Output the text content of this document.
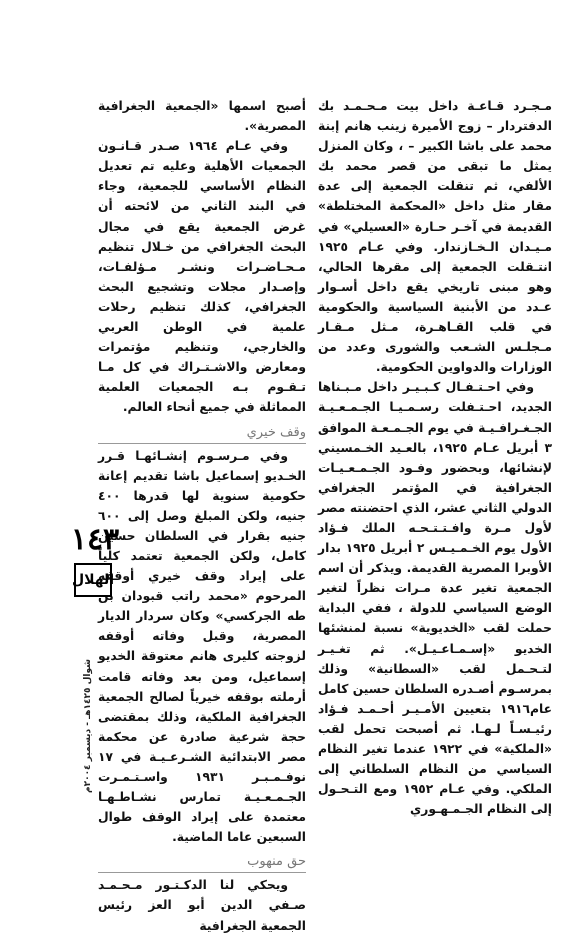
مـجـرد قـاعـة داخل بيت مـحـمـد بك الدفتردار – زوج الأميرة زينب هانم إبنة محمد على باشا الكبير – ، وكان المنزل يمثل ما تبقى من قصر محمد بك الألفي، ثم تنقلت الجمعية إلى عدة مقار مثل داخل «المحكمة المختلطة» القديمة في آخـر حـارة «العسيلي» في مـيـدان الـخـازندار. وفي عـام ١٩٢٥ انتـقلت الجمعية إلى مقرها الحالي، وهو مبنى تاريخي يقع داخل أسـوار عـدد من الأبنية السياسية والحكومية في قلب القـاهـرة، مـثل مـقـار مـجلـس الشـعب والشورى وعدد من الوزارات والدواوين الحكومية.

وفي احـتـفـال كـبـيـر داخل مـبـناها الجديد، احـتـفلت رسـمـيـا الجـمـعـيـة الجـغـرافـيـة في يوم الجـمـعـة الموافق ٣ أبريل عـام ١٩٢٥، بالعـيد الخـمسيني لإنشائها، وبحضور وفـود الجـمـعـيـات الجغرافية في المؤتمر الجغرافي الدولي الثاني عشر، الذي احتضنته مصر لأول مـرة وافـتـتـحـه الملك فـؤاد الأول يوم الخـمـيـس ٢ أبريل ١٩٢٥ بدار الأوبرا المصرية القديمة. ويذكر أن اسم الجمعية تغير عدة مـرات نظراً لتغير الوضع السياسي للدولة ، ففي البداية حملت لقب «الخديوية» نسبة لمنشئها الخديو «إسـمـاعـيـل». ثم تغـيـر لتـحـمل لقب «السطانية» وذلك بمرسـوم أصـدره السلطان حسين كامل عام١٩١٦ بتعيين الأمـيـر أحـمـد فـؤاد رئيـسـاً لـهـا. ثم أصبحت تحمل لقب «الملكية» في ١٩٢٢ عندما تغير النظام السياسي من النظام السلطاني إلى الملكي. وفي عـام ١٩٥٢ ومع التـحـول إلى النظام الجـمـهـوري

أصبح اسمها «الجمعية الجغرافية المصرية».

وفي عـام ١٩٦٤ صـدر قـانـون الجمعيات الأهلية وعليه تم تعديل النظام الأساسي للجمعية، وجاء في البند الثاني من لائحته أن غرض الجمعية يقع في مجال البحث الجغرافي من خـلال تنظيم مـحـاضـرات ونشـر مـؤلفـات، وإصـدار مجلات وتشجيع البحث الجغرافي، كذلك تنظيم رحلات علمية في الوطن العربي والخارجي، وتنظيم مؤتمرات ومعارض والاشـتـراك في كل مـا تـقـوم بـه الجمعيات العلمية المماثلة في جميع أنحاء العالم.

وقف خيري

وفي مـرسـوم إنشـائهـا قـرر الخـديو إسماعيل باشا تقديم إعانة حكومية سنوية لها قدرها ٤٠٠ جنيه، ولكن المبلغ وصل إلى ٦٠٠ جنيه بقرار في السلطان حسين كامل، ولكن الجمعية تعتمد كلياً على إيراد وقف خيري أوقفه المرحوم «محمد راتب قبودان بن طه الجركسي» وكان سردار الديار المصرية، وقبل وفاته أوقفه لزوجته كليرى هانم معتوقة الخديو إسماعيل، ومن بعد وفاته قامت أرملته بوقفه خيرياً لصالح الجمعية الجغرافية الملكية، وذلك بمقتضى حجة شرعية صادرة عن محكمة مصر الابتدائية الشـرعـيـة في ١٧ نوفـمـبـر ١٩٣١ واسـتـمـرت الجـمـعـيـة تمارس نشـاطـهـا معتمدة على إيراد الوقف طوال السبعين عاما الماضية.

حق منهوب

ويحكي لنا الدكـتـور مـحـمـد صـفي الدين أبو العز رئيس الجمعية الجغرافية

١٤٣
الهلال
شوال ١٤٢٥هـ - ديسمبر ٢٠٠٤م
